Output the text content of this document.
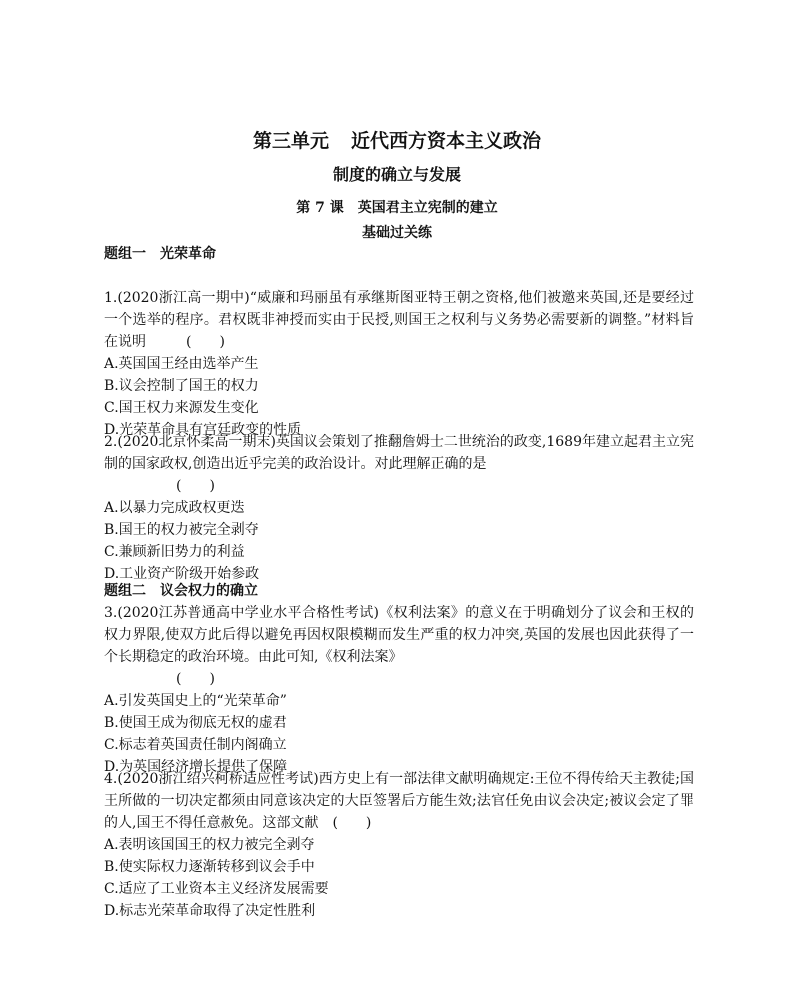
第三单元 近代西方资本主义政治
制度的确立与发展
第 7 课 英国君主立宪制的建立
基础过关练
题组一 光荣革命

1.(2020浙江高一期中)“威廉和玛丽虽有承继斯图亚特王朝之资格,他们被邀来英国,还是要经过一个选举的程序。君权既非神授而实由于民授,则国王之权利与义务势必需要新的调整。”材料旨在说明	(　　)

A.英国国王经由选举产生

B.议会控制了国王的权力

C.国王权力来源发生变化

D.光荣革命具有宫廷政变的性质

2.(2020北京怀柔高一期末)英国议会策划了推翻詹姆士二世统治的政变,1689年建立起君主立宪制的国家政权,创造出近乎完美的政治设计。对此理解正确的是

(　　)

A.以暴力完成政权更迭

B.国王的权力被完全剥夺

C.兼顾新旧势力的利益

D.工业资产阶级开始参政

题组二 议会权力的确立

3.(2020江苏普通高中学业水平合格性考试)《权利法案》的意义在于明确划分了议会和王权的权力界限,使双方此后得以避免再因权限模糊而发生严重的权力冲突,英国的发展也因此获得了一个长期稳定的政治环境。由此可知,《权利法案》

(　　)

A.引发英国史上的“光荣革命”

B.使国王成为彻底无权的虚君

C.标志着英国责任制内阁确立

D.为英国经济增长提供了保障

4.(2020浙江绍兴柯桥适应性考试)西方史上有一部法律文献明确规定:王位不得传给天主教徒;国王所做的一切决定都须由同意该决定的大臣签署后方能生效;法官任免由议会决定;被议会定了罪的人,国王不得任意赦免。这部文献 (　　)

A.表明该国国王的权力被完全剥夺

B.使实际权力逐渐转移到议会手中

C.适应了工业资本主义经济发展需要

D.标志光荣革命取得了决定性胜利
